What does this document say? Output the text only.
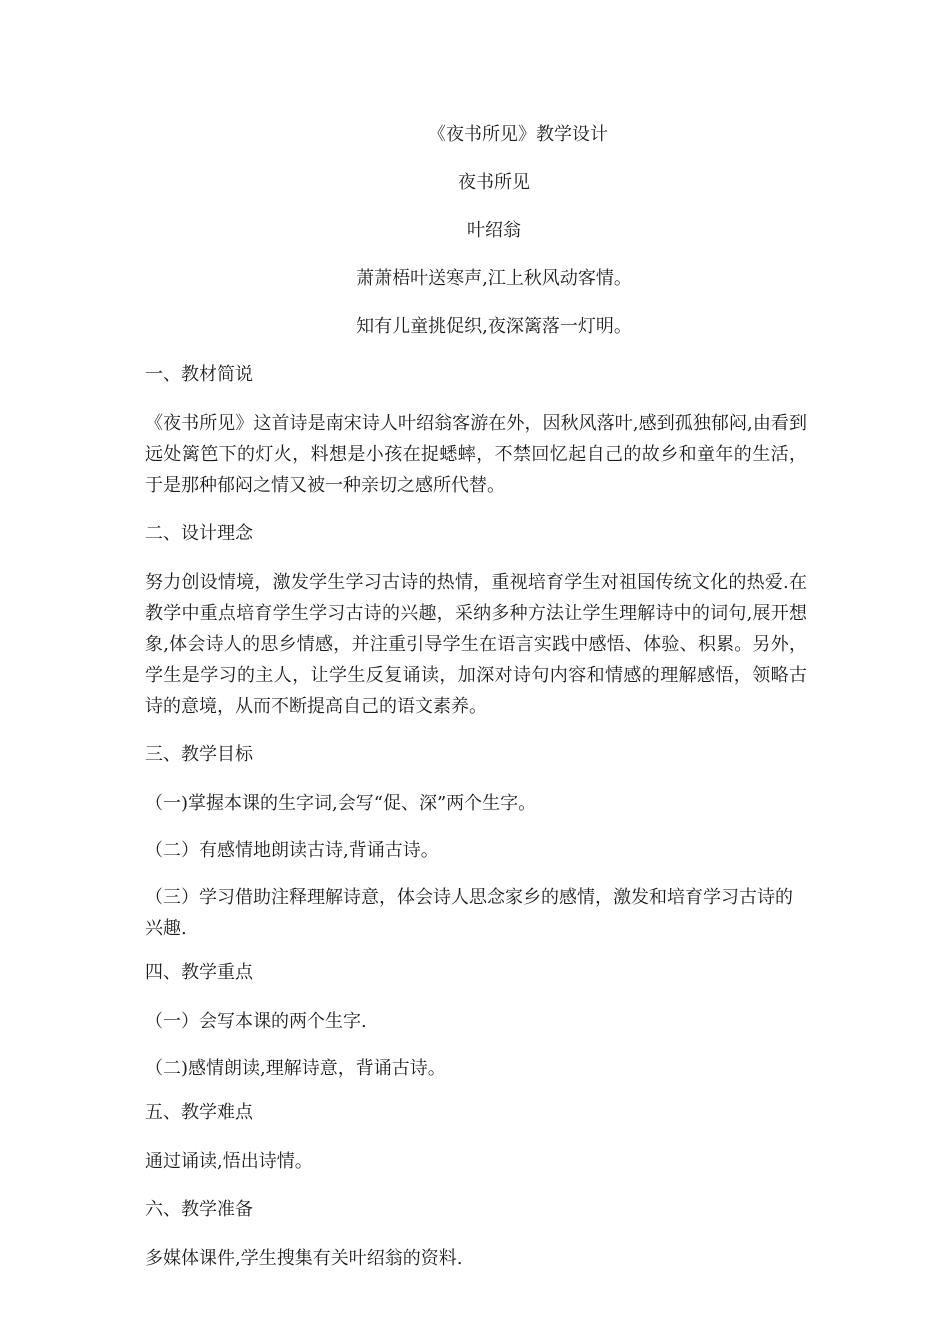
《夜书所见》教学设计
夜书所见
叶绍翁
萧萧梧叶送寒声,江上秋风动客情。
知有儿童挑促织,夜深篱落一灯明。
一、教材简说
《夜书所见》这首诗是南宋诗人叶绍翁客游在外，因秋风落叶,感到孤独郁闷,由看到远处篱笆下的灯火，料想是小孩在捉蟋蟀，不禁回忆起自己的故乡和童年的生活，于是那种郁闷之情又被一种亲切之感所代替。
二、设计理念
努力创设情境，激发学生学习古诗的热情，重视培育学生对祖国传统文化的热爱.在教学中重点培育学生学习古诗的兴趣，采纳多种方法让学生理解诗中的词句,展开想象,体会诗人的思乡情感，并注重引导学生在语言实践中感悟、体验、积累。另外，学生是学习的主人，让学生反复诵读，加深对诗句内容和情感的理解感悟，领略古诗的意境，从而不断提高自己的语文素养。
三、教学目标
（一)掌握本课的生字词,会写“促、深”两个生字。
（二）有感情地朗读古诗,背诵古诗。
（三）学习借助注释理解诗意，体会诗人思念家乡的感情，激发和培育学习古诗的兴趣.
四、教学重点
（一）会写本课的两个生字.
（二)感情朗读,理解诗意，背诵古诗。
五、教学难点
通过诵读,悟出诗情。
六、教学准备
多媒体课件,学生搜集有关叶绍翁的资料.
